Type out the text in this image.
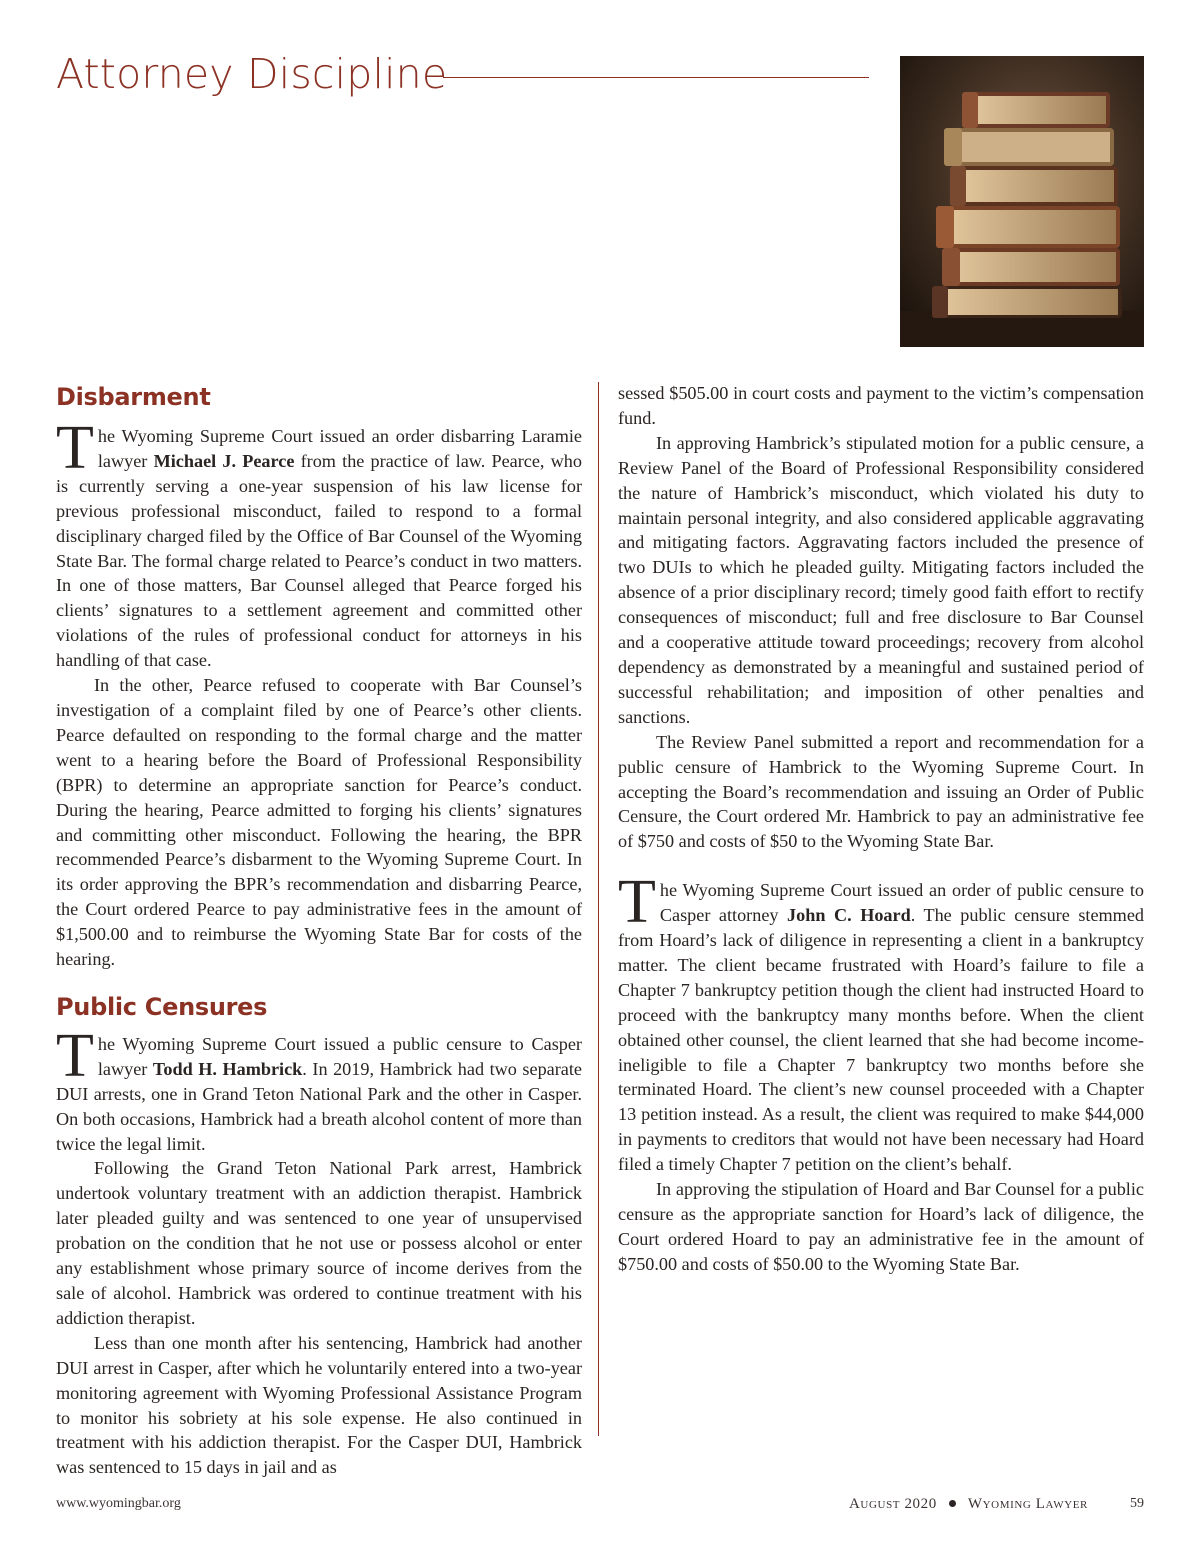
Attorney Discipline
Disbarment

The Wyoming Supreme Court issued an order disbarring Laramie lawyer Michael J. Pearce from the practice of law. Pearce, who is currently serving a one-year suspension of his law license for previous professional misconduct, failed to respond to a formal disciplinary charged filed by the Office of Bar Counsel of the Wyoming State Bar. The formal charge related to Pearce’s conduct in two matters. In one of those matters, Bar Counsel alleged that Pearce forged his clients’ signatures to a settlement agreement and committed other violations of the rules of professional conduct for attorneys in his handling of that case.

In the other, Pearce refused to cooperate with Bar Counsel’s investigation of a complaint filed by one of Pearce’s other clients. Pearce defaulted on responding to the formal charge and the matter went to a hearing before the Board of Professional Responsibility (BPR) to determine an appropriate sanction for Pearce’s conduct. During the hearing, Pearce admitted to forging his clients’ signatures and committing other misconduct. Following the hearing, the BPR recommended Pearce’s disbarment to the Wyoming Supreme Court. In its order approving the BPR’s recommendation and disbarring Pearce, the Court ordered Pearce to pay administrative fees in the amount of $1,500.00 and to reimburse the Wyoming State Bar for costs of the hearing.

Public Censures

The Wyoming Supreme Court issued a public censure to Casper lawyer Todd H. Hambrick. In 2019, Hambrick had two separate DUI arrests, one in Grand Teton National Park and the other in Casper. On both occasions, Hambrick had a breath alcohol content of more than twice the legal limit.

Following the Grand Teton National Park arrest, Hambrick undertook voluntary treatment with an addiction therapist. Hambrick later pleaded guilty and was sentenced to one year of unsupervised probation on the condition that he not use or possess alcohol or enter any establishment whose primary source of income derives from the sale of alcohol. Hambrick was ordered to continue treatment with his addiction therapist.

Less than one month after his sentencing, Hambrick had another DUI arrest in Casper, after which he voluntarily entered into a two-year monitoring agreement with Wyoming Professional Assistance Program to monitor his sobriety at his sole expense. He also continued in treatment with his addiction therapist. For the Casper DUI, Hambrick was sentenced to 15 days in jail and as

sessed $505.00 in court costs and payment to the victim’s compensation fund.

In approving Hambrick’s stipulated motion for a public censure, a Review Panel of the Board of Professional Responsibility considered the nature of Hambrick’s misconduct, which violated his duty to maintain personal integrity, and also considered applicable aggravating and mitigating factors. Aggravating factors included the presence of two DUIs to which he pleaded guilty. Mitigating factors included the absence of a prior disciplinary record; timely good faith effort to rectify consequences of misconduct; full and free disclosure to Bar Counsel and a cooperative attitude toward proceedings; recovery from alcohol dependency as demonstrated by a meaningful and sustained period of successful rehabilitation; and imposition of other penalties and sanctions.

The Review Panel submitted a report and recommendation for a public censure of Hambrick to the Wyoming Supreme Court. In accepting the Board’s recommendation and issuing an Order of Public Censure, the Court ordered Mr. Hambrick to pay an administrative fee of $750 and costs of $50 to the Wyoming State Bar.

The Wyoming Supreme Court issued an order of public censure to Casper attorney John C. Hoard. The public censure stemmed from Hoard’s lack of diligence in representing a client in a bankruptcy matter. The client became frustrated with Hoard’s failure to file a Chapter 7 bankruptcy petition though the client had instructed Hoard to proceed with the bankruptcy many months before. When the client obtained other counsel, the client learned that she had become income-ineligible to file a Chapter 7 bankruptcy two months before she terminated Hoard. The client’s new counsel proceeded with a Chapter 13 petition instead. As a result, the client was required to make $44,000 in payments to creditors that would not have been necessary had Hoard filed a timely Chapter 7 petition on the client’s behalf.

In approving the stipulation of Hoard and Bar Counsel for a public censure as the appropriate sanction for Hoard’s lack of diligence, the Court ordered Hoard to pay an administrative fee in the amount of $750.00 and costs of $50.00 to the Wyoming State Bar.

www.wyomingbar.org	August 2020 Wyoming Lawyer	59
